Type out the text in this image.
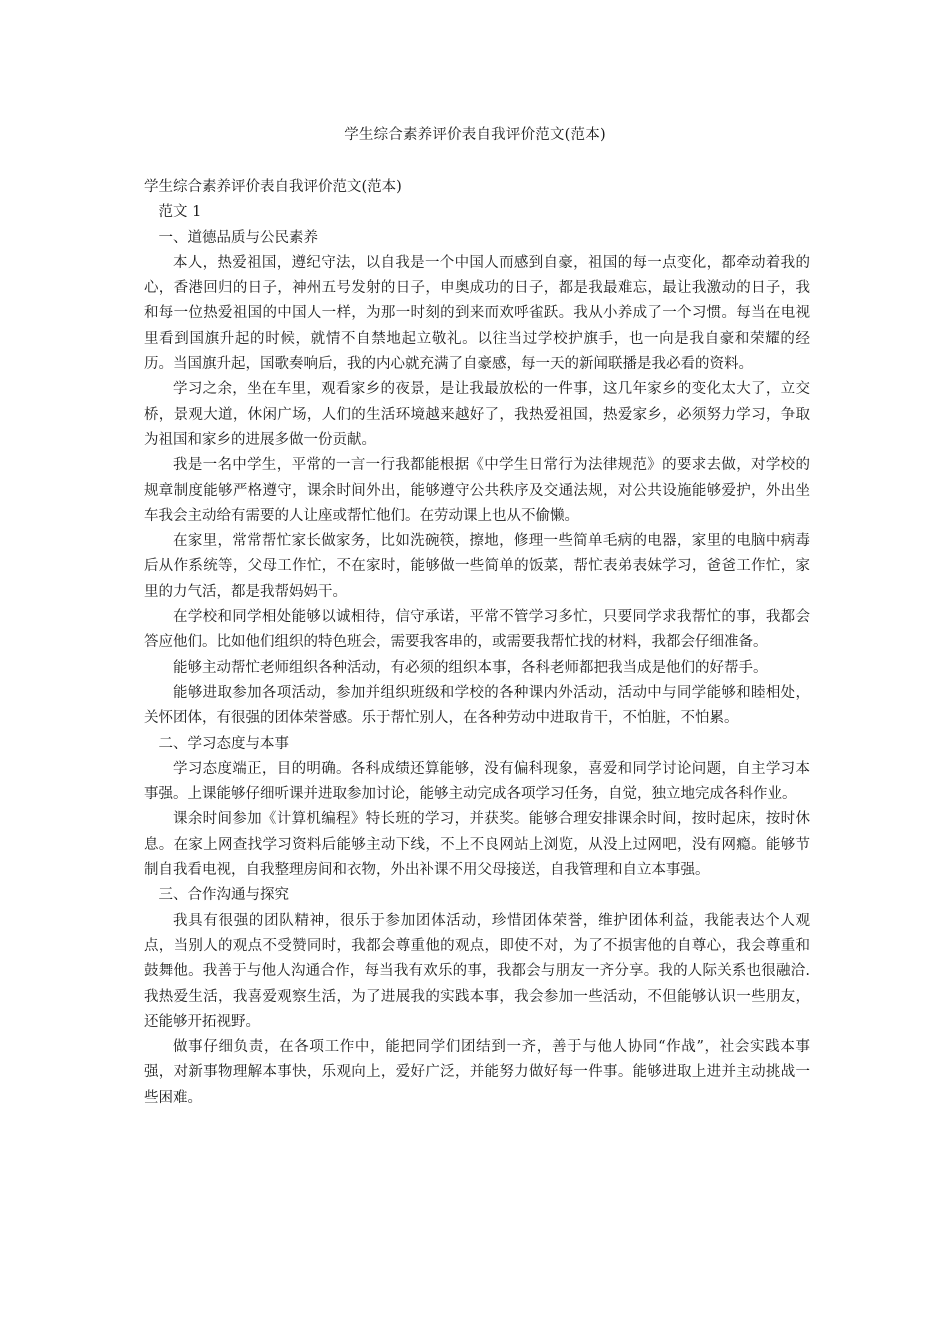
学生综合素养评价表自我评价范文(范本)

学生综合素养评价表自我评价范文(范本)

范文 1

一、道德品质与公民素养

本人，热爱祖国，遵纪守法，以自我是一个中国人而感到自豪，祖国的每一点变化，都牵动着我的心，香港回归的日子，神州五号发射的日子，申奥成功的日子，都是我最难忘，最让我激动的日子，我和每一位热爱祖国的中国人一样，为那一时刻的到来而欢呼雀跃。我从小养成了一个习惯。每当在电视里看到国旗升起的时候，就情不自禁地起立敬礼。以往当过学校护旗手，也一向是我自豪和荣耀的经历。当国旗升起，国歌奏响后，我的内心就充满了自豪感，每一天的新闻联播是我必看的资料。

学习之余，坐在车里，观看家乡的夜景，是让我最放松的一件事，这几年家乡的变化太大了，立交桥，景观大道，休闲广场，人们的生活环境越来越好了，我热爱祖国，热爱家乡，必须努力学习，争取为祖国和家乡的进展多做一份贡献。

我是一名中学生，平常的一言一行我都能根据《中学生日常行为法律规范》的要求去做，对学校的规章制度能够严格遵守，课余时间外出，能够遵守公共秩序及交通法规，对公共设施能够爱护，外出坐车我会主动给有需要的人让座或帮忙他们。在劳动课上也从不偷懒。

在家里，常常帮忙家长做家务，比如洗碗筷，擦地，修理一些简单毛病的电器，家里的电脑中病毒后从作系统等，父母工作忙，不在家时，能够做一些简单的饭菜，帮忙表弟表妹学习，爸爸工作忙，家里的力气活，都是我帮妈妈干。

在学校和同学相处能够以诚相待，信守承诺，平常不管学习多忙，只要同学求我帮忙的事，我都会答应他们。比如他们组织的特色班会，需要我客串的，或需要我帮忙找的材料，我都会仔细准备。

能够主动帮忙老师组织各种活动，有必须的组织本事，各科老师都把我当成是他们的好帮手。

能够进取参加各项活动，参加并组织班级和学校的各种课内外活动，活动中与同学能够和睦相处，关怀团体，有很强的团体荣誉感。乐于帮忙别人，在各种劳动中进取肯干，不怕脏，不怕累。

二、学习态度与本事

学习态度端正，目的明确。各科成绩还算能够，没有偏科现象，喜爱和同学讨论问题，自主学习本事强。上课能够仔细听课并进取参加讨论，能够主动完成各项学习任务，自觉，独立地完成各科作业。

课余时间参加《计算机编程》特长班的学习，并获奖。能够合理安排课余时间，按时起床，按时休息。在家上网查找学习资料后能够主动下线，不上不良网站上浏览，从没上过网吧，没有网瘾。能够节制自我看电视，自我整理房间和衣物，外出补课不用父母接送，自我管理和自立本事强。

三、合作沟通与探究

我具有很强的团队精神，很乐于参加团体活动，珍惜团体荣誉，维护团体利益，我能表达个人观点，当别人的观点不受赞同时，我都会尊重他的观点，即使不对，为了不损害他的自尊心，我会尊重和鼓舞他。我善于与他人沟通合作，每当我有欢乐的事，我都会与朋友一齐分享。我的人际关系也很融洽.我热爱生活，我喜爱观察生活，为了进展我的实践本事，我会参加一些活动，不但能够认识一些朋友，还能够开拓视野。

做事仔细负责，在各项工作中，能把同学们团结到一齐，善于与他人协同“作战”，社会实践本事强，对新事物理解本事快，乐观向上，爱好广泛，并能努力做好每一件事。能够进取上进并主动挑战一些困难。
